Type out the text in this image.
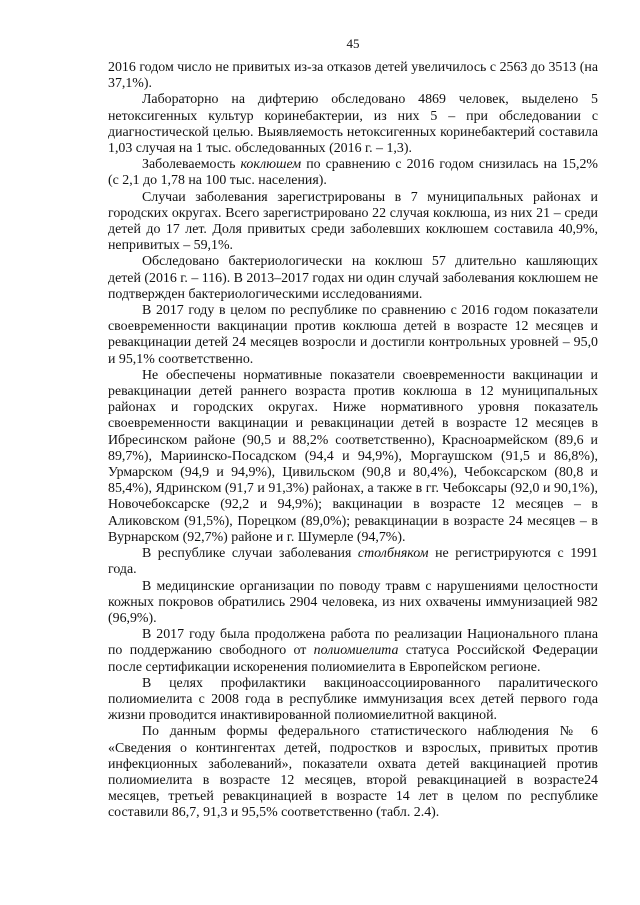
45

2016 годом число не привитых из-за отказов детей увеличилось с 2563 до 3513 (на 37,1%).

Лабораторно на дифтерию обследовано 4869 человек, выделено 5 нетоксигенных культур коринебактерии, из них 5 – при обследовании с диагностической целью. Выявляемость нетоксигенных коринебактерий составила 1,03 случая на 1 тыс. обследованных (2016 г. – 1,3).

Заболеваемость коклюшем по сравнению с 2016 годом снизилась на 15,2% (с 2,1 до 1,78 на 100 тыс. населения).

Случаи заболевания зарегистрированы в 7 муниципальных районах и городских округах. Всего зарегистрировано 22 случая коклюша, из них 21 – среди детей до 17 лет. Доля привитых среди заболевших коклюшем составила 40,9%, непривитых – 59,1%.

Обследовано бактериологически на коклюш 57 длительно кашляющих детей (2016 г. – 116). В 2013–2017 годах ни один случай заболевания коклюшем не подтвержден бактериологическими исследованиями.

В 2017 году в целом по республике по сравнению с 2016 годом показатели своевременности вакцинации против коклюша детей в возрасте 12 месяцев и ревакцинации детей 24 месяцев возросли и достигли контрольных уровней – 95,0 и 95,1% соответственно.

Не обеспечены нормативные показатели своевременности вакцинации и ревакцинации детей раннего возраста против коклюша в 12 муниципальных районах и городских округах. Ниже нормативного уровня показатель своевременности вакцинации и ревакцинации детей в возрасте 12 месяцев в Ибресинском районе (90,5 и 88,2% соответственно), Красноармейском (89,6 и 89,7%), Мариинско-Посадском (94,4 и 94,9%), Моргаушском (91,5 и 86,8%), Урмарском (94,9 и 94,9%), Цивильском (90,8 и 80,4%), Чебоксарском (80,8 и 85,4%), Ядринском (91,7 и 91,3%) районах, а также в гг. Чебоксары (92,0 и 90,1%), Новочебоксарске (92,2 и 94,9%); вакцинации в возрасте 12 месяцев – в Аликовском (91,5%), Порецком (89,0%); ревакцинации в возрасте 24 месяцев – в Вурнарском (92,7%) районе и г. Шумерле (94,7%).

В республике случаи заболевания столбняком не регистрируются с 1991 года.

В медицинские организации по поводу травм с нарушениями целостности кожных покровов обратились 2904 человека, из них охвачены иммунизацией 982 (96,9%).

В 2017 году была продолжена работа по реализации Национального плана по поддержанию свободного от полиомиелита статуса Российской Федерации после сертификации искоренения полиомиелита в Европейском регионе.

В целях профилактики вакциноассоциированного паралитического полиомиелита с 2008 года в республике иммунизация всех детей первого года жизни проводится инактивированной полиомиелитной вакциной.

По данным формы федерального статистического наблюдения № 6 «Сведения о контингентах детей, подростков и взрослых, привитых против инфекционных заболеваний», показатели охвата детей вакцинацией против полиомиелита в возрасте 12 месяцев, второй ревакцинацией в возрасте24 месяцев, третьей ревакцинацией в возрасте 14 лет в целом по республике составили 86,7, 91,3 и 95,5% соответственно (табл. 2.4).
